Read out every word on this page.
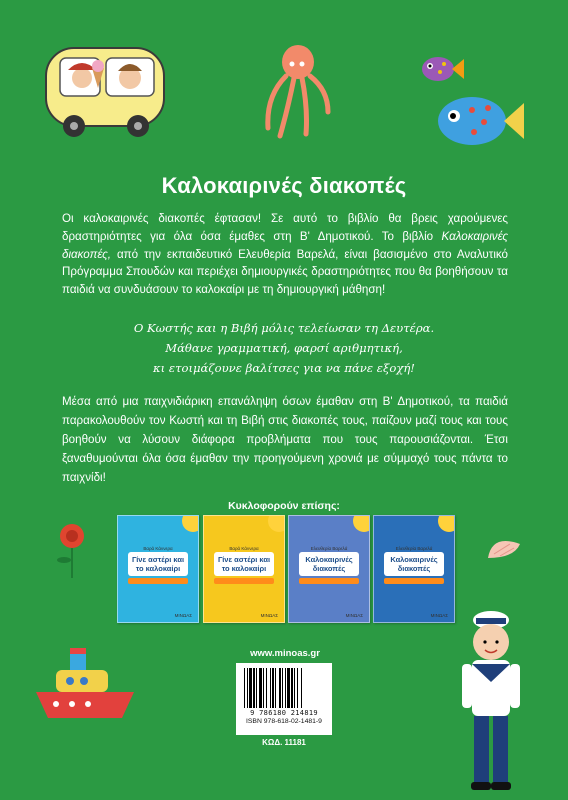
Καλοκαιρινές διακοπές
Οι καλοκαιρινές διακοπές έφτασαν! Σε αυτό το βιβλίο θα βρεις χαρούμενες δραστηριότητες για όλα όσα έμαθες στη Β' Δημοτικού. Το βιβλίο Καλοκαιρινές διακοπές, από την εκπαιδευτικό Ελευθερία Βαρελά, είναι βασισμένο στο Αναλυτικό Πρόγραμμα Σπουδών και περιέχει δημιουργικές δραστηριότητες που θα βοηθήσουν τα παιδιά να συνδυάσουν το καλοκαίρι με τη δημιουργική μάθηση!
Ο Κωστής και η Βιβή μόλις τελείωσαν τη Δευτέρα.
Μάθανε γραμματική, φαρσί αριθμητική,
κι ετοιμάζουνε βαλίτσες για να πάνε εξοχή!
Μέσα από μια παιχνιδιάρικη επανάληψη όσων έμαθαν στη Β' Δημοτικού, τα παιδιά παρακολουθούν τον Κωστή και τη Βιβή στις διακοπές τους, παίζουν μαζί τους και τους βοηθούν να λύσουν διάφορα προβλήματα που τους παρουσιάζονται. Έτσι ξαναθυμούνται όλα όσα έμαθαν την προηγούμενη χρονιά με σύμμαχό τους πάντα το παιχνίδι!
Κυκλοφορούν επίσης:
Βαρά Κάννερα
Γίνε αστέρι και το καλοκαίρι
ΜΙΝΩΑΣ
Βαρά Κάννερα
Γίνε αστέρι και το καλοκαίρι
ΜΙΝΩΑΣ
Ελευθερία Βαρελά
Καλοκαιρινές διακοπές
ΜΙΝΩΑΣ
Ελευθερία Βαρελά
Καλοκαιρινές διακοπές
ΜΙΝΩΑΣ
www.minoas.gr
9 786180 214819
ISBN 978-618-02-1481-9
ΚΩΔ. 11181
